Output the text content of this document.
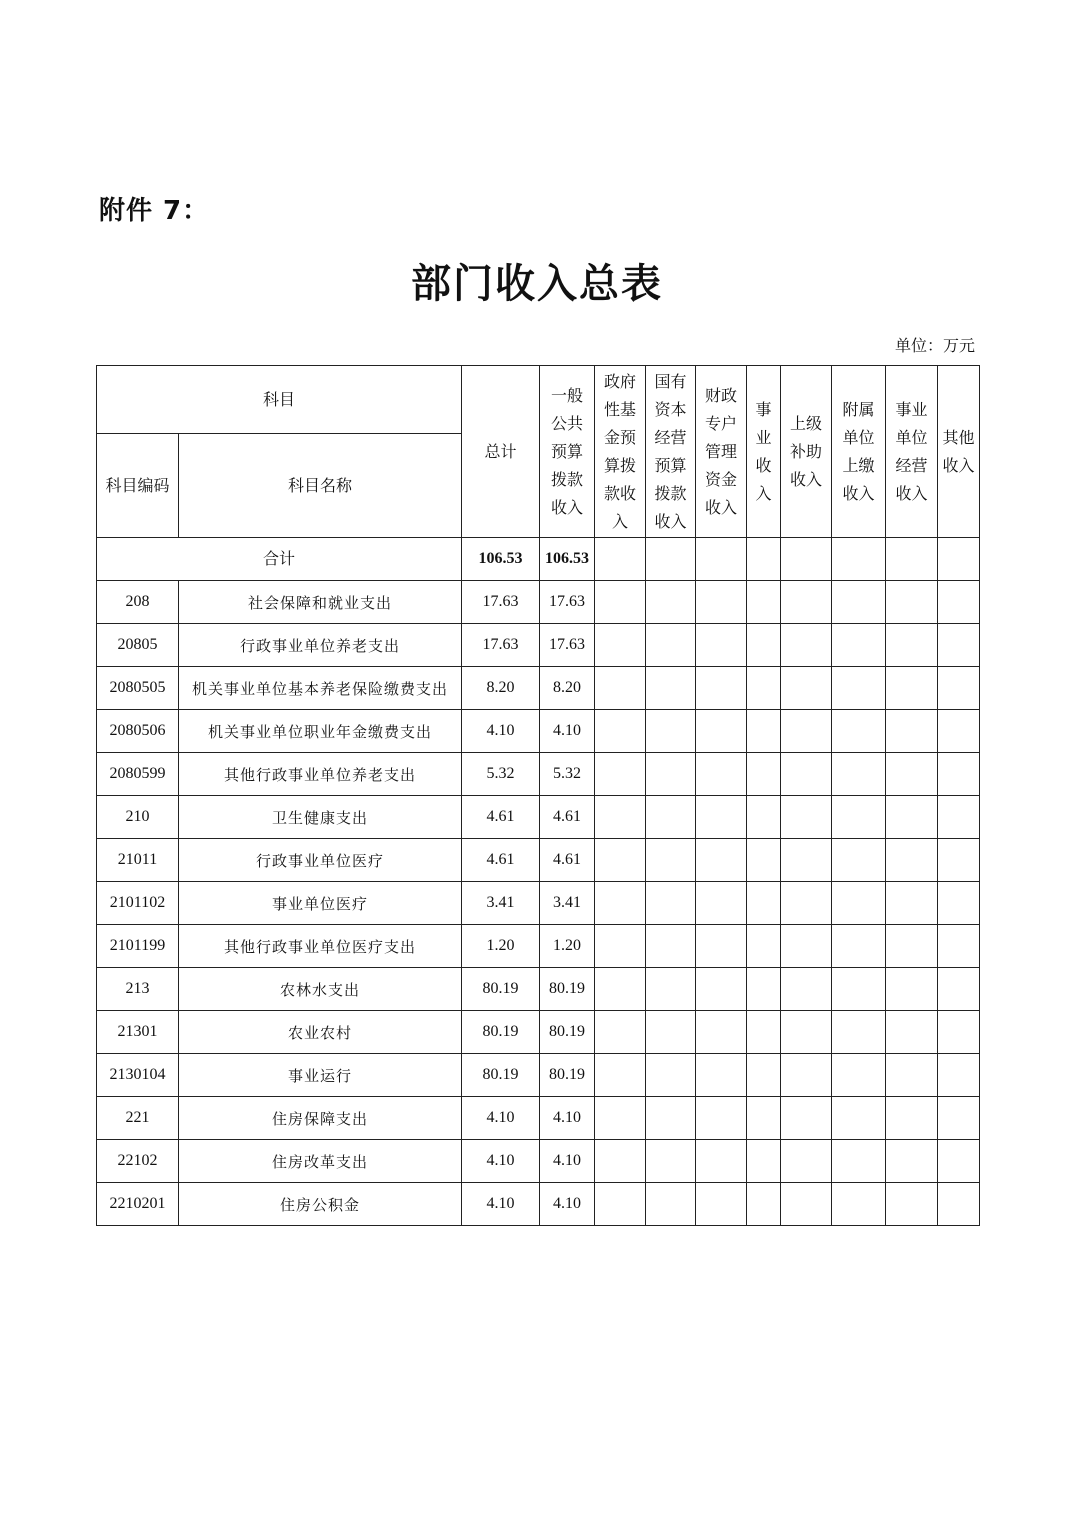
附件 7：
部门收入总表
单位：万元
科目		总计	一般公共预算拨款收入	政府性基金预算拨款收入	国有资本经营预算拨款收入	财政专户管理资金收入	事业收入	上级补助收入	附属单位上缴收入	事业单位经营收入	其他收入
科目编码	科目名称										
合计		106.53	106.53								
208	社会保障和就业支出	17.63	17.63								
20805	行政事业单位养老支出	17.63	17.63								
2080505	机关事业单位基本养老保险缴费支出	8.20	8.20								
2080506	机关事业单位职业年金缴费支出	4.10	4.10								
2080599	其他行政事业单位养老支出	5.32	5.32								
210	卫生健康支出	4.61	4.61								
21011	行政事业单位医疗	4.61	4.61								
2101102	事业单位医疗	3.41	3.41								
2101199	其他行政事业单位医疗支出	1.20	1.20								
213	农林水支出	80.19	80.19								
21301	农业农村	80.19	80.19								
2130104	事业运行	80.19	80.19								
221	住房保障支出	4.10	4.10								
22102	住房改革支出	4.10	4.10								
2210201	住房公积金	4.10	4.10								
